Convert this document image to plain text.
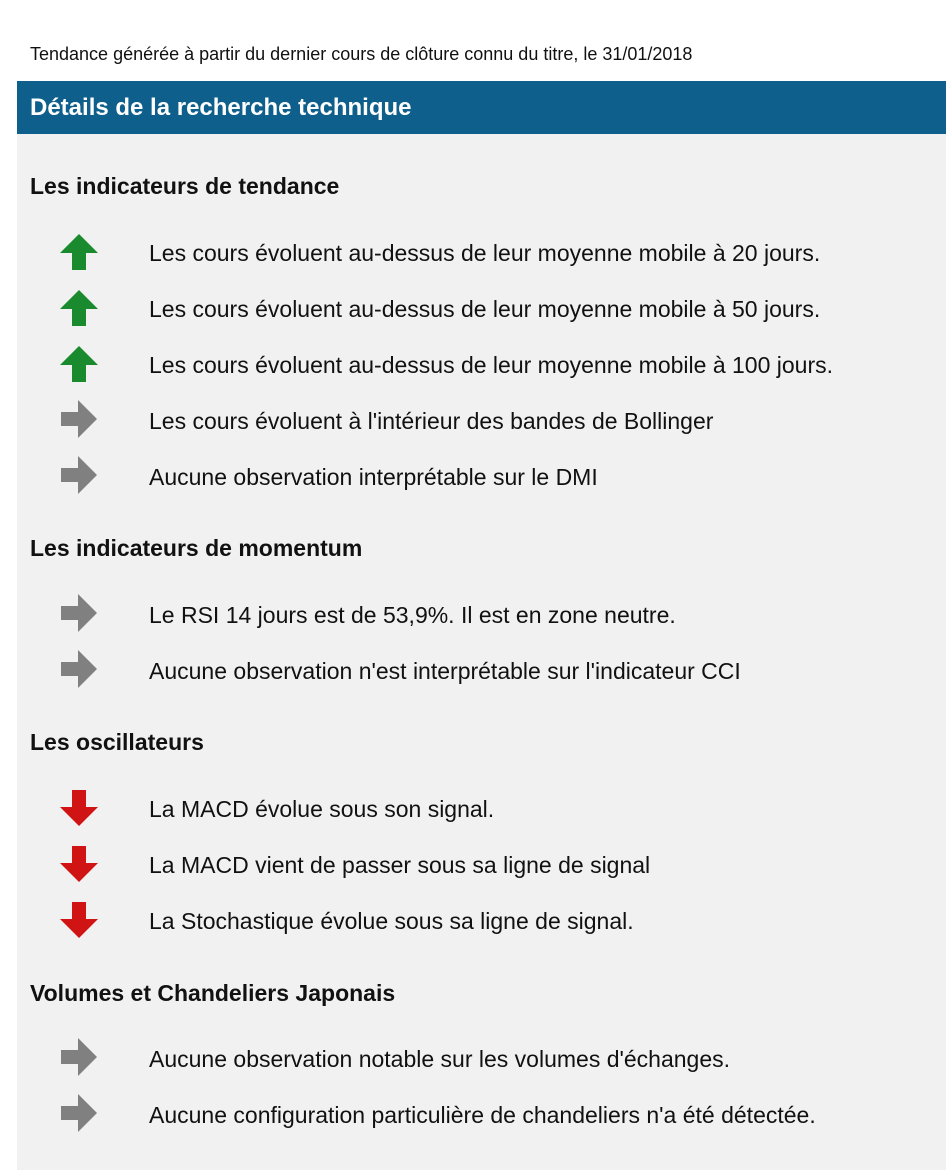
Tendance générée à partir du dernier cours de clôture connu du titre, le 31/01/2018
Détails de la recherche technique
Les indicateurs de tendance
Les cours évoluent au-dessus de leur moyenne mobile à 20 jours.
Les cours évoluent au-dessus de leur moyenne mobile à 50 jours.
Les cours évoluent au-dessus de leur moyenne mobile à 100 jours.
Les cours évoluent à l'intérieur des bandes de Bollinger
Aucune observation interprétable sur le DMI
Les indicateurs de momentum
Le RSI 14 jours est de 53,9%. Il est en zone neutre.
Aucune observation n'est interprétable sur l'indicateur CCI
Les oscillateurs
La MACD évolue sous son signal.
La MACD vient de passer sous sa ligne de signal
La Stochastique évolue sous sa ligne de signal.
Volumes et Chandeliers Japonais
Aucune observation notable sur les volumes d'échanges.
Aucune configuration particulière de chandeliers n'a été détectée.
